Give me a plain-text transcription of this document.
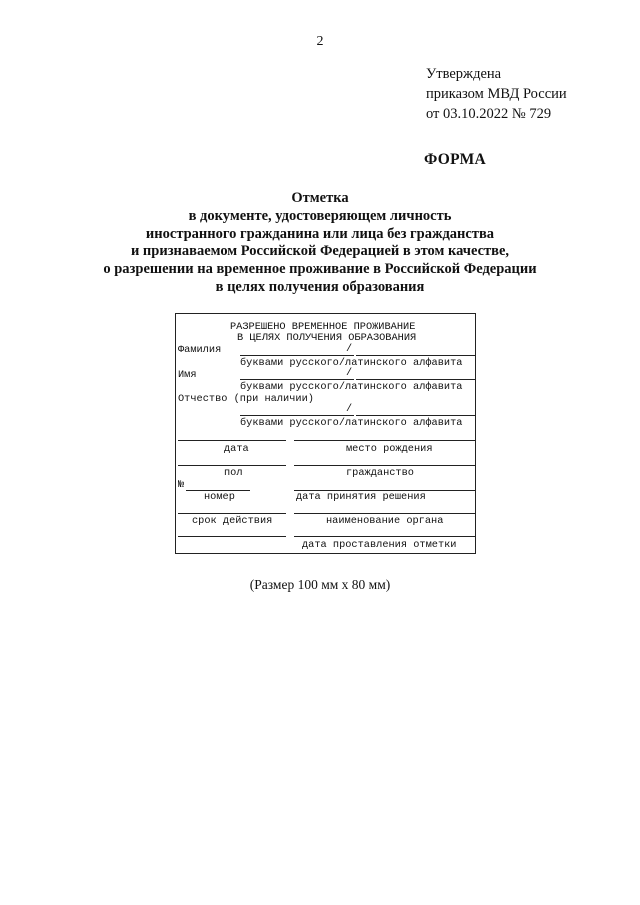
2
Утверждена
приказом МВД России
от 03.10.2022 № 729
ФОРМА
Отметка
в документе, удостоверяющем личность
иностранного гражданина или лица без гражданства
и признаваемом Российской Федерацией в этом качестве,
о разрешении на временное проживание в Российской Федерации
в целях получения образования
РАЗРЕШЕНО ВРЕМЕННОЕ ПРОЖИВАНИЕ
В ЦЕЛЯХ ПОЛУЧЕНИЯ ОБРАЗОВАНИЯ
Фамилия	/
буквами русского/латинского алфавита
Имя	/
буквами русского/латинского алфавита
Отчество (при наличии)
/
буквами русского/латинского алфавита
дата	место рождения
пол	гражданство
№
номер	дата принятия решения
срок действия	наименование органа
дата проставления отметки
(Размер 100 мм х 80 мм)
